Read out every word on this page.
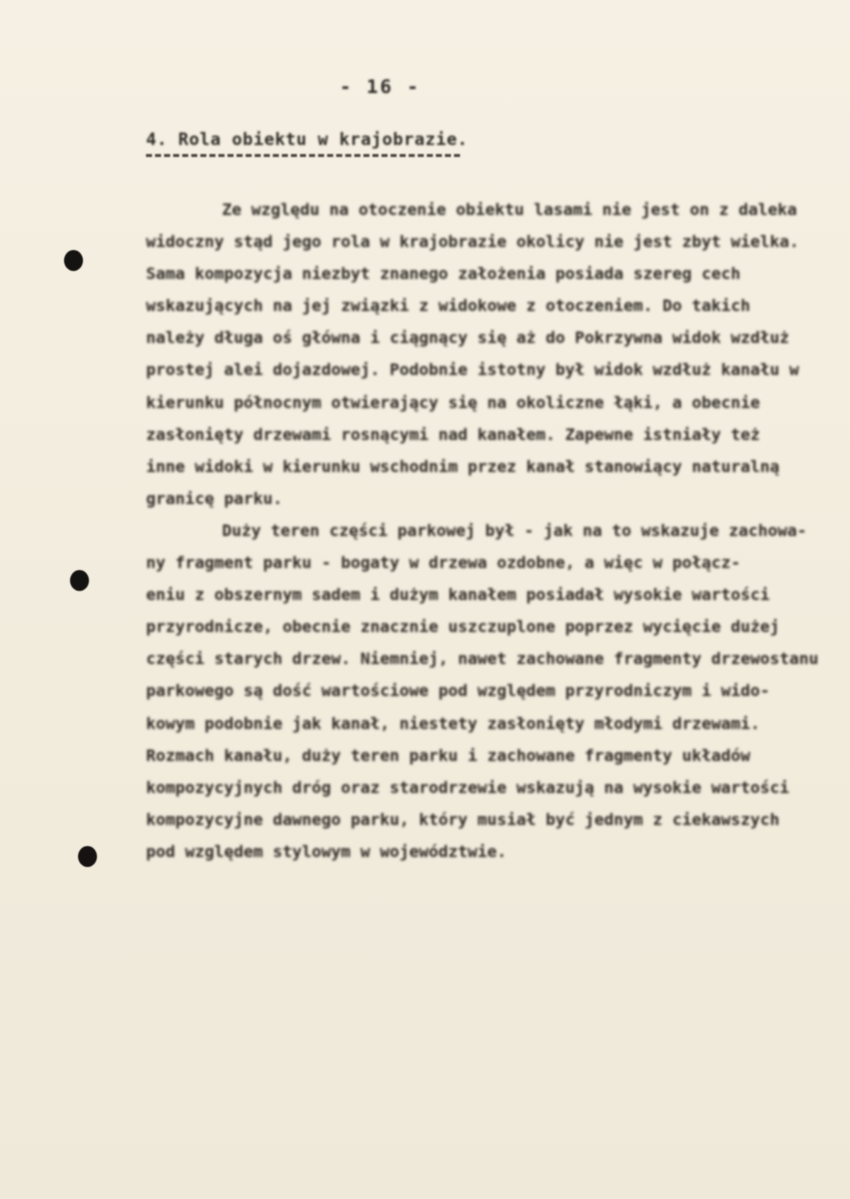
- 16 -
4. Rola obiektu w krajobrazie.
Ze względu na otoczenie obiektu lasami nie jest on z daleka
widoczny stąd jego rola w krajobrazie okolicy nie jest zbyt wielka.
Sama kompozycja niezbyt znanego założenia posiada szereg cech
wskazujących na jej związki z widokowe z otoczeniem. Do takich
należy długa oś główna i ciągnący się aż do Pokrzywna widok wzdłuż
prostej alei dojazdowej. Podobnie istotny był widok wzdłuż kanału w
kierunku północnym otwierający się na okoliczne łąki, a obecnie
zasłonięty drzewami rosnącymi nad kanałem. Zapewne istniały też
inne widoki w kierunku wschodnim przez kanał stanowiący naturalną
granicę parku.
Duży teren części parkowej był - jak na to wskazuje zachowa-
ny fragment parku - bogaty w drzewa ozdobne, a więc w połącz-
eniu z obszernym sadem i dużym kanałem posiadał wysokie wartości
przyrodnicze, obecnie znacznie uszczuplone poprzez wycięcie dużej
części starych drzew. Niemniej, nawet zachowane fragmenty drzewostanu
parkowego są dość wartościowe pod względem przyrodniczym i wido-
kowym podobnie jak kanał, niestety zasłonięty młodymi drzewami.
Rozmach kanału, duży teren parku i zachowane fragmenty układów
kompozycyjnych dróg oraz starodrzewie wskazują na wysokie wartości
kompozycyjne dawnego parku, który musiał być jednym z ciekawszych
pod względem stylowym w województwie.
